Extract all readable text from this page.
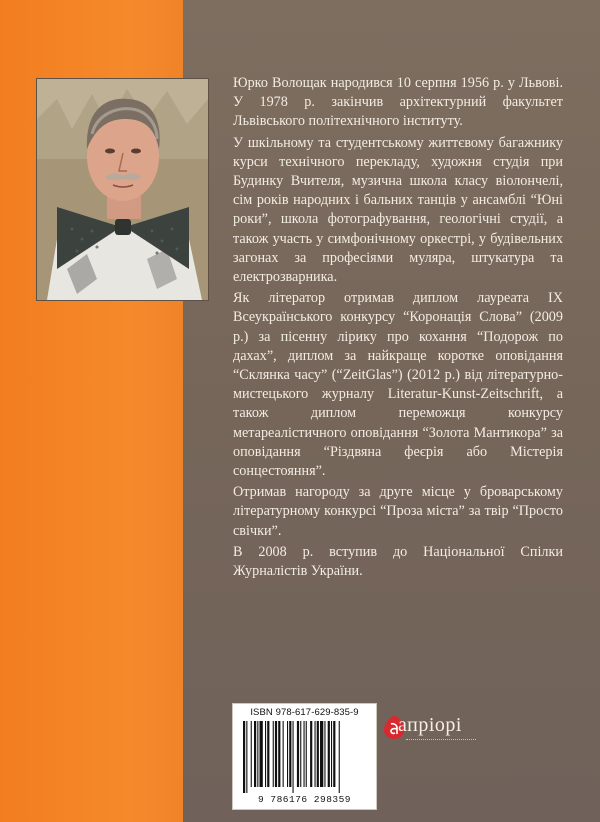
Юрко Волощак народився 10 серпня 1956 р. у Львові. У 1978 р. закінчив архітектурний факультет Львівського політехнічного інституту.

У шкільному та студентському життєвому багажнику курси технічного перекладу, художня студія при Будинку Вчителя, музична школа класу віолончелі, сім років народних і бальних танців у ансамблі “Юні роки”, школа фотографування, геологічні студії, а також участь у симфонічному оркестрі, у будівельних загонах за професіями муляра, штукатура та електрозварника.

Як літератор отримав диплом лауреата IX Всеукраїнського конкурсу “Коронація Слова” (2009 р.) за пісенну лірику про кохання “Подорож по дахах”, диплом за найкраще коротке оповідання “Склянка часу” (“ZeitGlas”) (2012 р.) від літературно-мистецького журналу Literatur-Kunst-Zeitschrift, а також диплом переможця конкурсу метареалістичного оповідання “Золота Мантикора” за оповідання “Різдвяна феєрія або Містерія сонцестояння”.

Отримав нагороду за друге місце у броварському літературному конкурсі “Проза міста” за твір “Просто свічки”.

В 2008 р. вступив до Національної Спілки Журналістів України.

ISBN 978-617-629-835-9
9 786176 298359
апріорі
